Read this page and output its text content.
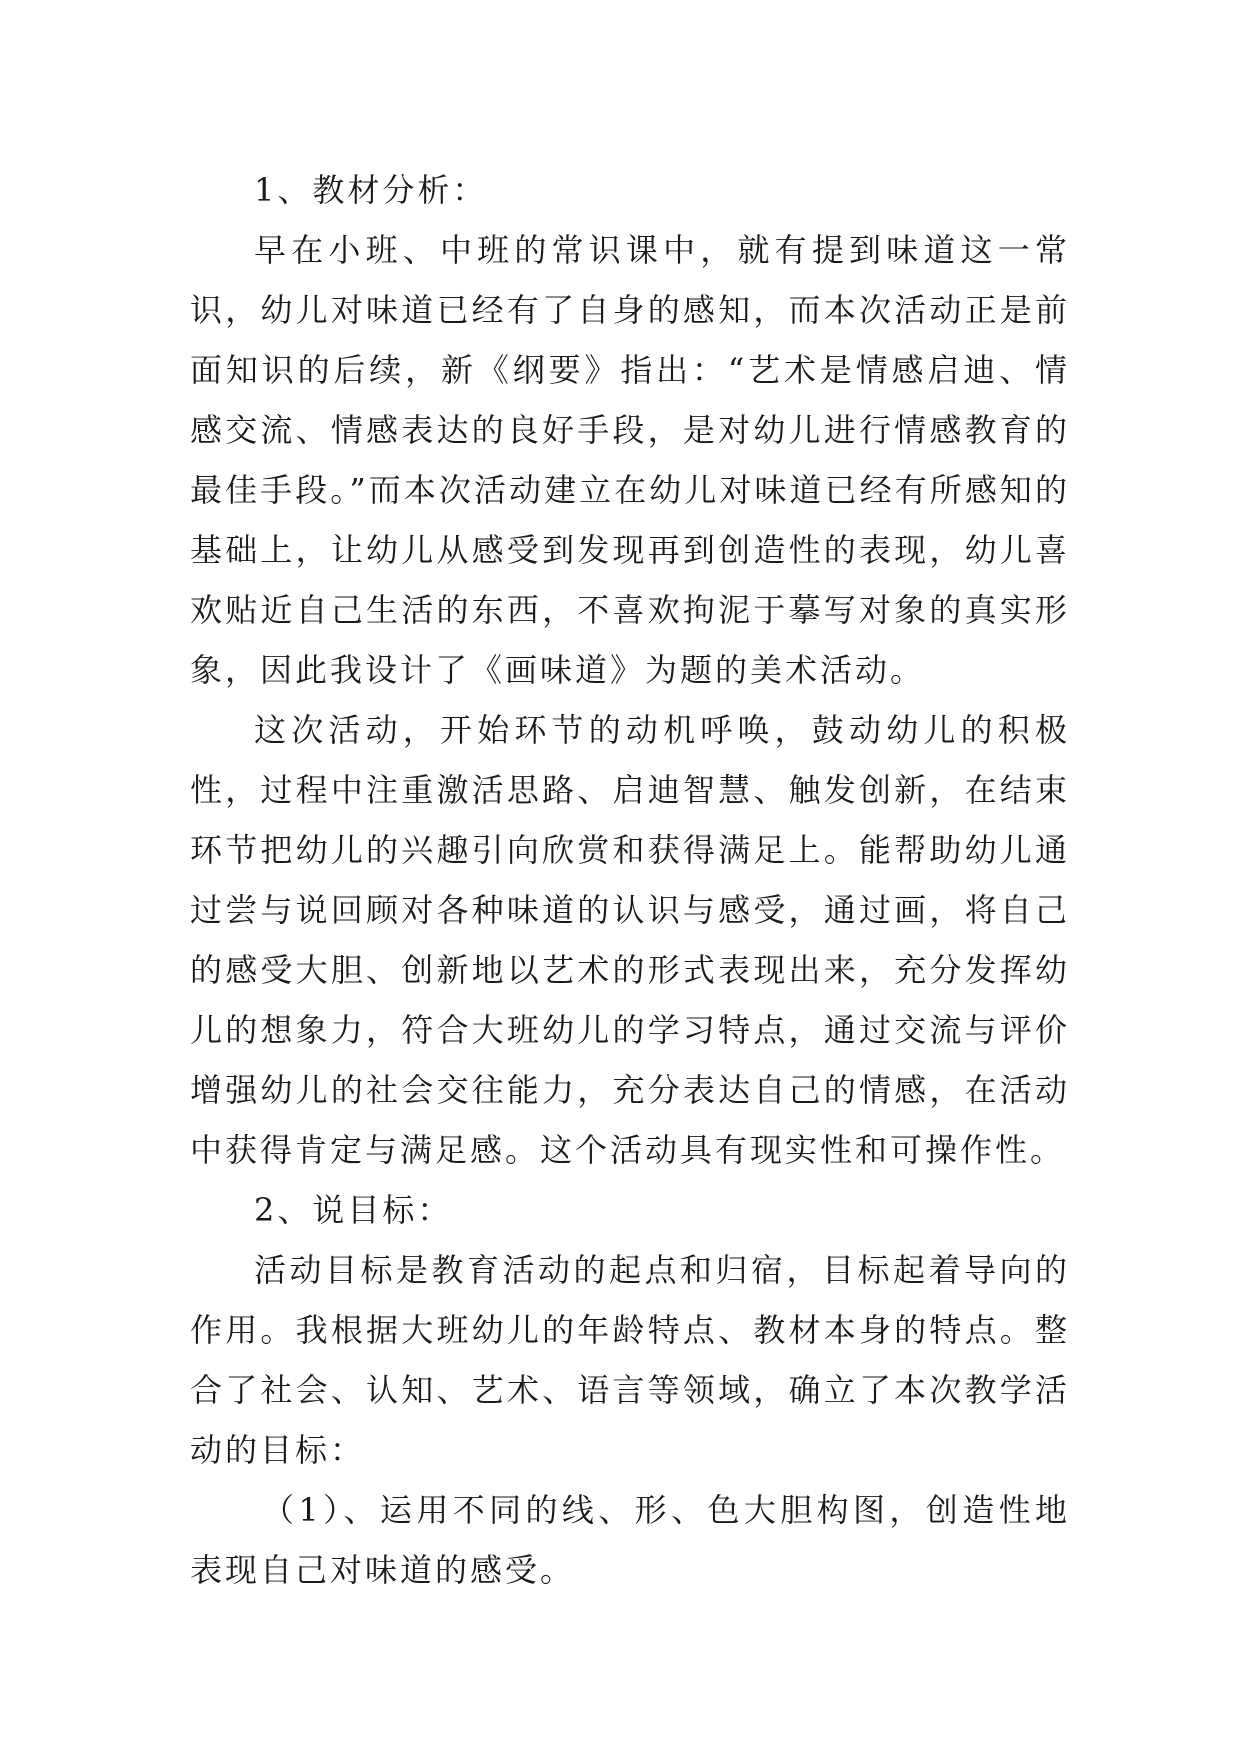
1、教材分析：

早在小班、中班的常识课中，就有提到味道这一常识，幼儿对味道已经有了自身的感知，而本次活动正是前面知识的后续，新《纲要》指出：“艺术是情感启迪、情感交流、情感表达的良好手段，是对幼儿进行情感教育的最佳手段。”而本次活动建立在幼儿对味道已经有所感知的基础上，让幼儿从感受到发现再到创造性的表现，幼儿喜欢贴近自己生活的东西，不喜欢拘泥于摹写对象的真实形象，因此我设计了《画味道》为题的美术活动。

这次活动，开始环节的动机呼唤，鼓动幼儿的积极性，过程中注重激活思路、启迪智慧、触发创新，在结束环节把幼儿的兴趣引向欣赏和获得满足上。能帮助幼儿通过尝与说回顾对各种味道的认识与感受，通过画，将自己的感受大胆、创新地以艺术的形式表现出来，充分发挥幼儿的想象力，符合大班幼儿的学习特点，通过交流与评价增强幼儿的社会交往能力，充分表达自己的情感，在活动中获得肯定与满足感。这个活动具有现实性和可操作性。

2、说目标：

活动目标是教育活动的起点和归宿，目标起着导向的作用。我根据大班幼儿的年龄特点、教材本身的特点。整合了社会、认知、艺术、语言等领域，确立了本次教学活动的目标：

（1）、运用不同的线、形、色大胆构图，创造性地表现自己对味道的感受。
